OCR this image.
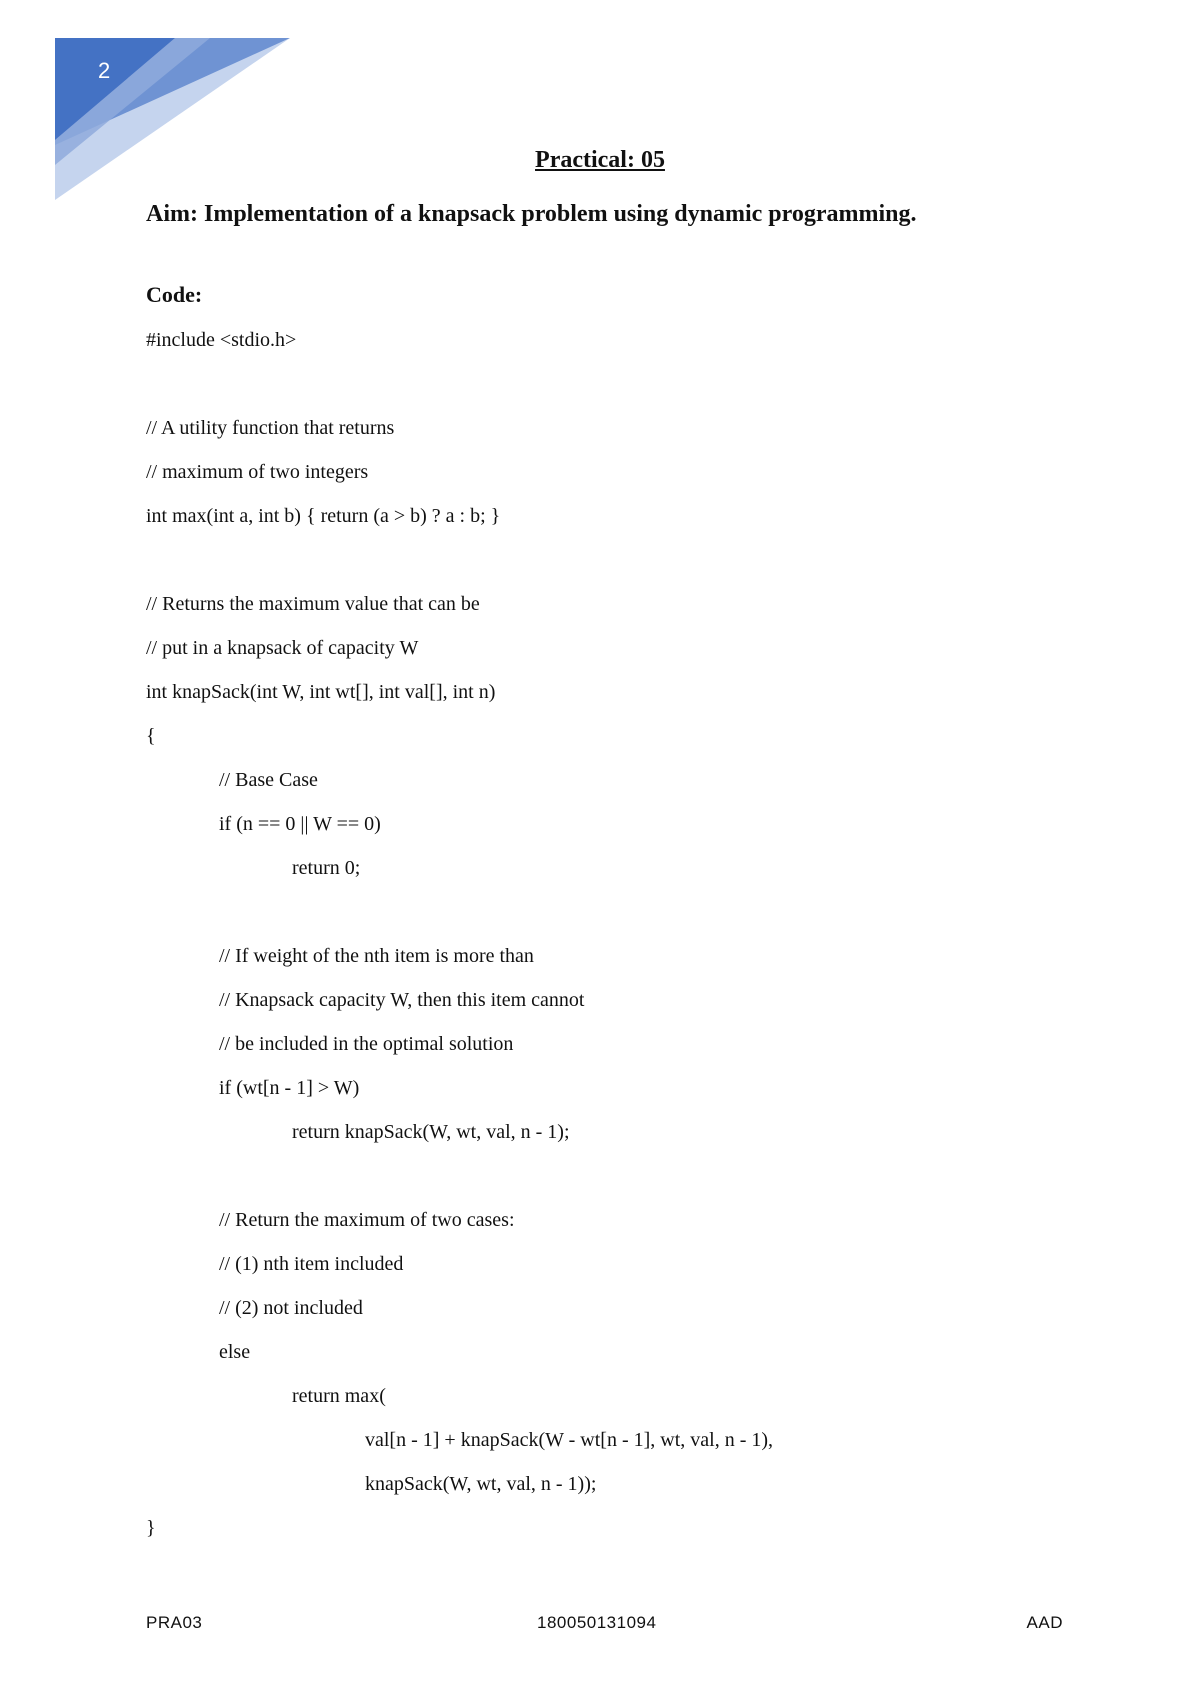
2
Practical: 05
Aim: Implementation of a knapsack problem using dynamic programming.
Code:
#include <stdio.h>
// A utility function that returns
// maximum of two integers
int max(int a, int b) { return (a > b) ? a : b; }
// Returns the maximum value that can be
// put in a knapsack of capacity W
int knapSack(int W, int wt[], int val[], int n)
{
// Base Case
if (n == 0 || W == 0)
return 0;
// If weight of the nth item is more than
// Knapsack capacity W, then this item cannot
// be included in the optimal solution
if (wt[n - 1] > W)
return knapSack(W, wt, val, n - 1);
// Return the maximum of two cases:
// (1) nth item included
// (2) not included
else
return max(
val[n - 1] + knapSack(W - wt[n - 1], wt, val, n - 1),
knapSack(W, wt, val, n - 1));
}
PRA03	180050131094	AAD
